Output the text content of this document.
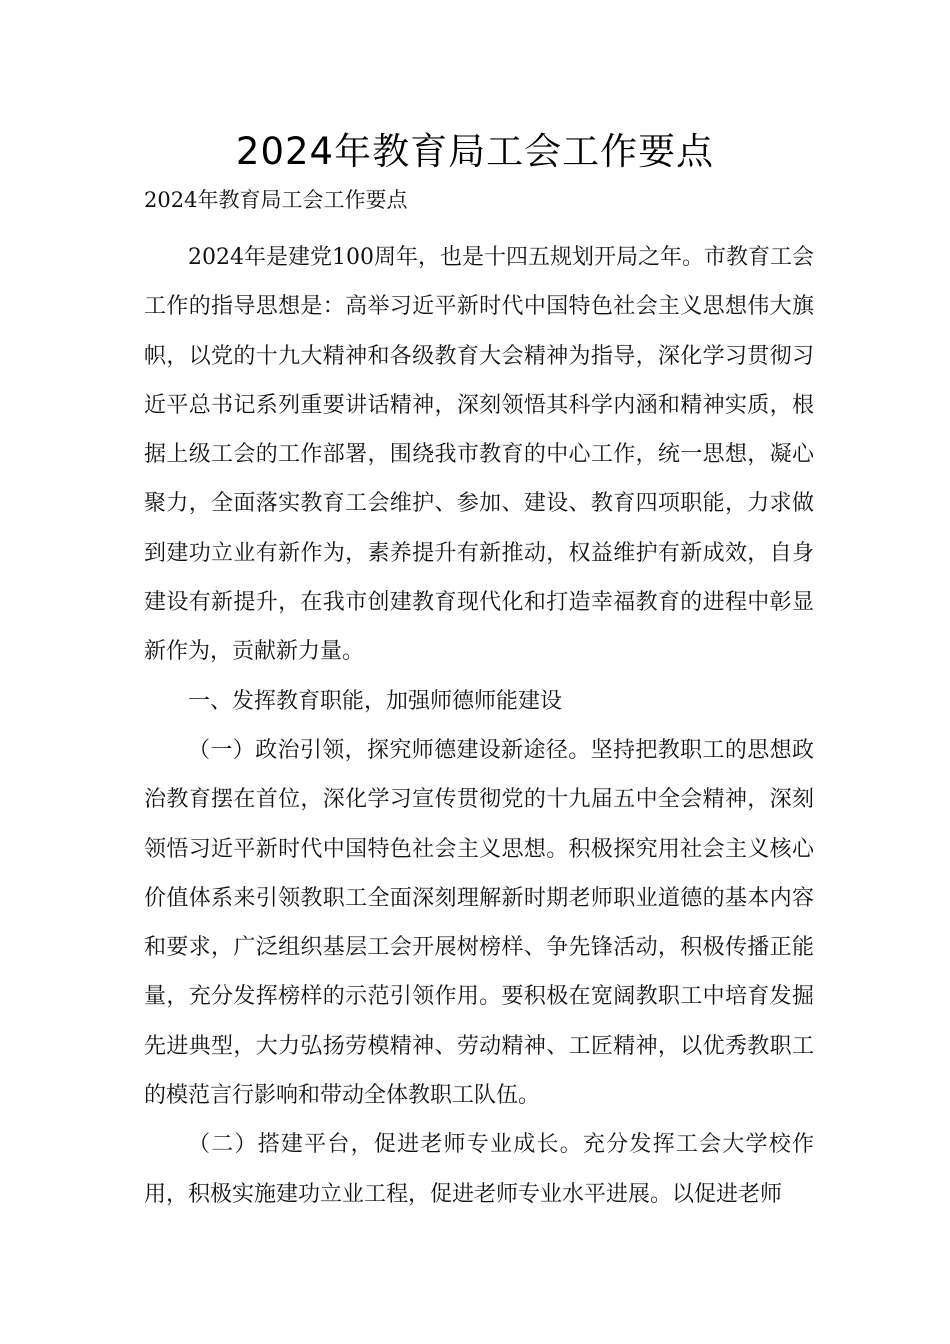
2024年教育局工会工作要点

2024年教育局工会工作要点

2024年是建党100周年，也是十四五规划开局之年。市教育工会工作的指导思想是：高举习近平新时代中国特色社会主义思想伟大旗帜，以党的十九大精神和各级教育大会精神为指导，深化学习贯彻习近平总书记系列重要讲话精神，深刻领悟其科学内涵和精神实质，根据上级工会的工作部署，围绕我市教育的中心工作，统一思想，凝心聚力，全面落实教育工会维护、参加、建设、教育四项职能，力求做到建功立业有新作为，素养提升有新推动，权益维护有新成效，自身建设有新提升，在我市创建教育现代化和打造幸福教育的进程中彰显新作为，贡献新力量。

一、发挥教育职能，加强师德师能建设

（一）政治引领，探究师德建设新途径。坚持把教职工的思想政治教育摆在首位，深化学习宣传贯彻党的十九届五中全会精神，深刻领悟习近平新时代中国特色社会主义思想。积极探究用社会主义核心价值体系来引领教职工全面深刻理解新时期老师职业道德的基本内容和要求，广泛组织基层工会开展树榜样、争先锋活动，积极传播正能量，充分发挥榜样的示范引领作用。要积极在宽阔教职工中培育发掘先进典型，大力弘扬劳模精神、劳动精神、工匠精神，以优秀教职工的模范言行影响和带动全体教职工队伍。

（二）搭建平台，促进老师专业成长。充分发挥工会大学校作用，积极实施建功立业工程，促进老师专业水平进展。以促进老师
